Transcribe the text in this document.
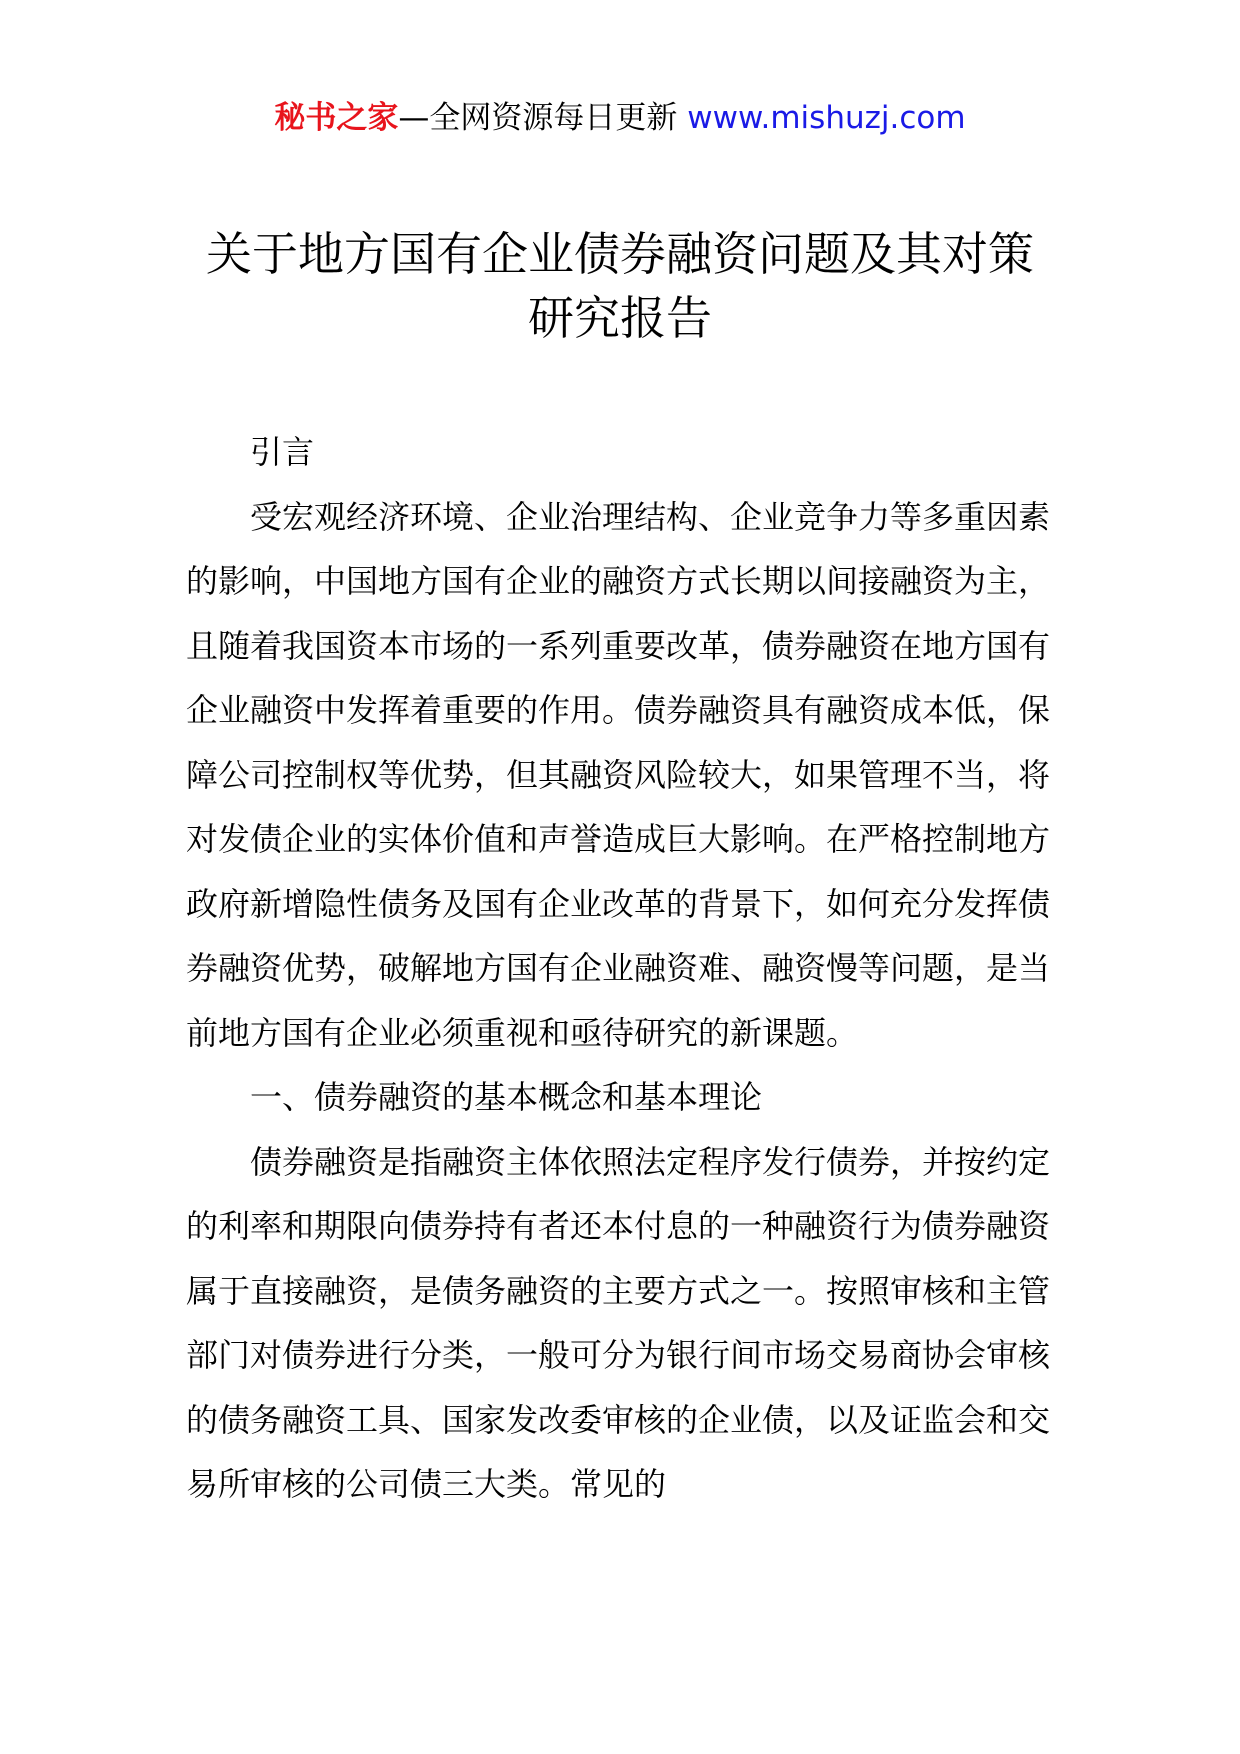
秘书之家—全网资源每日更新 www.mishuzj.com
关于地方国有企业债券融资问题及其对策
研究报告

引言

受宏观经济环境、企业治理结构、企业竞争力等多重因素的影响，中国地方国有企业的融资方式长期以间接融资为主，且随着我国资本市场的一系列重要改革，债券融资在地方国有企业融资中发挥着重要的作用。债券融资具有融资成本低，保障公司控制权等优势，但其融资风险较大，如果管理不当，将对发债企业的实体价值和声誉造成巨大影响。在严格控制地方政府新增隐性债务及国有企业改革的背景下，如何充分发挥债券融资优势，破解地方国有企业融资难、融资慢等问题，是当前地方国有企业必须重视和亟待研究的新课题。

一、债券融资的基本概念和基本理论

债券融资是指融资主体依照法定程序发行债券，并按约定的利率和期限向债券持有者还本付息的一种融资行为债券融资属于直接融资，是债务融资的主要方式之一。按照审核和主管部门对债券进行分类，一般可分为银行间市场交易商协会审核的债务融资工具、国家发改委审核的企业债，以及证监会和交易所审核的公司债三大类。常见的
